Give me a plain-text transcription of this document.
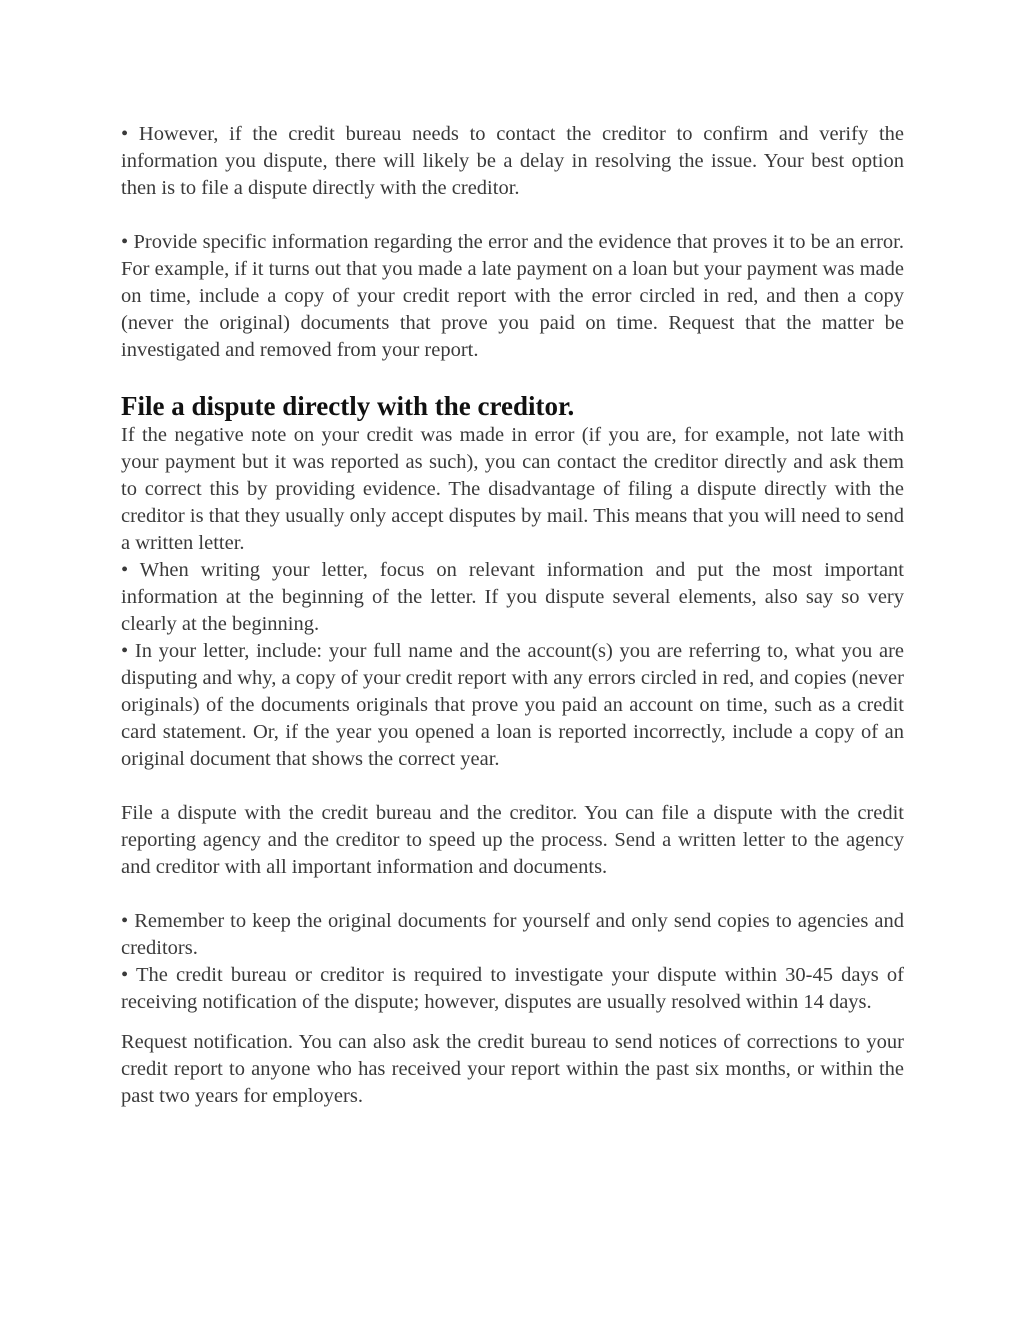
• However, if the credit bureau needs to contact the creditor to confirm and verify the information you dispute, there will likely be a delay in resolving the issue. Your best option then is to file a dispute directly with the creditor.

• Provide specific information regarding the error and the evidence that proves it to be an error. For example, if it turns out that you made a late payment on a loan but your payment was made on time, include a copy of your credit report with the error circled in red, and then a copy (never the original) documents that prove you paid on time. Request that the matter be investigated and removed from your report.

File a dispute directly with the creditor.

If the negative note on your credit was made in error (if you are, for example, not late with your payment but it was reported as such), you can contact the creditor directly and ask them to correct this by providing evidence. The disadvantage of filing a dispute directly with the creditor is that they usually only accept disputes by mail. This means that you will need to send a written letter.

• When writing your letter, focus on relevant information and put the most important information at the beginning of the letter. If you dispute several elements, also say so very clearly at the beginning.

• In your letter, include: your full name and the account(s) you are referring to, what you are disputing and why, a copy of your credit report with any errors circled in red, and copies (never originals) of the documents originals that prove you paid an account on time, such as a credit card statement. Or, if the year you opened a loan is reported incorrectly, include a copy of an original document that shows the correct year.

File a dispute with the credit bureau and the creditor. You can file a dispute with the credit reporting agency and the creditor to speed up the process. Send a written letter to the agency and creditor with all important information and documents.

• Remember to keep the original documents for yourself and only send copies to agencies and creditors.

• The credit bureau or creditor is required to investigate your dispute within 30-45 days of receiving notification of the dispute; however, disputes are usually resolved within 14 days.

Request notification. You can also ask the credit bureau to send notices of corrections to your credit report to anyone who has received your report within the past six months, or within the past two years for employers.
